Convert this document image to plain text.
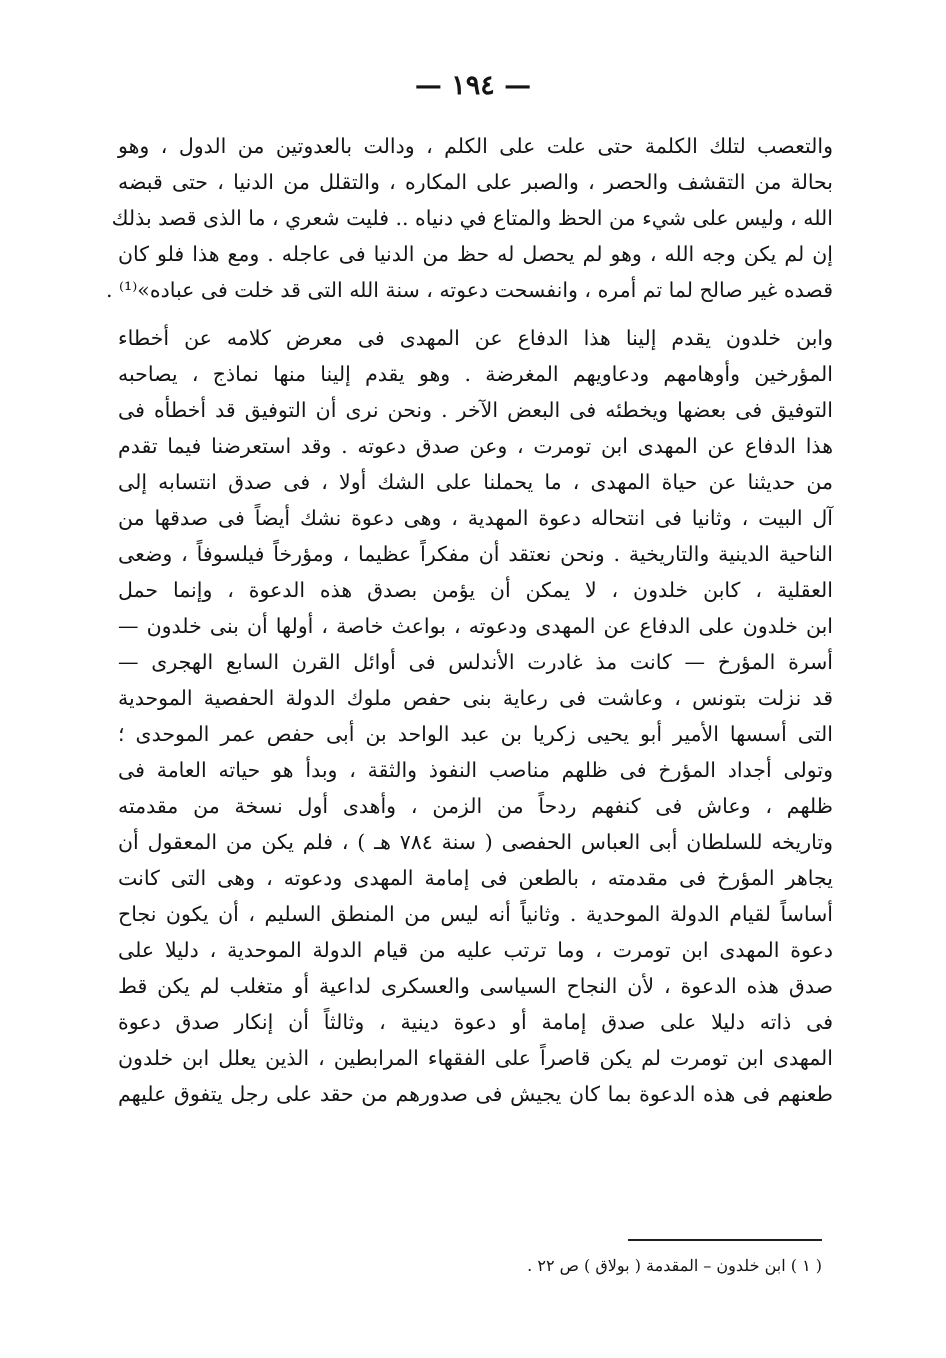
— ١٩٤ —
والتعصب لتلك الكلمة حتى علت على الكلم ، ودالت بالعدوتين من الدول ، وهو
بحالة من التقشف والحصر ، والصبر على المكاره ، والتقلل من الدنيا ، حتى قبضه
الله ، وليس على شيء من الحظ والمتاع في دنياه .. فليت شعري ، ما الذى قصد بذلك
إن لم يكن وجه الله ، وهو لم يحصل له حظ من الدنيا فى عاجله . ومع هذا فلو كان
قصده غير صالح لما تم أمره ، وانفسحت دعوته ، سنة الله التى قد خلت فى عباده»⁽¹⁾ .
وابن خلدون يقدم إلينا هذا الدفاع عن المهدى فى معرض كلامه عن أخطاء
المؤرخين وأوهامهم ودعاويهم المغرضة . وهو يقدم إلينا منها نماذج ، يصاحبه
التوفيق فى بعضها ويخطئه فى البعض الآخر . ونحن نرى أن التوفيق قد أخطأه فى
هذا الدفاع عن المهدى ابن تومرت ، وعن صدق دعوته . وقد استعرضنا فيما تقدم
من حديثنا عن حياة المهدى ، ما يحملنا على الشك أولا ، فى صدق انتسابه إلى
آل البيت ، وثانيا فى انتحاله دعوة المهدية ، وهى دعوة نشك أيضاً فى صدقها من
الناحية الدينية والتاريخية . ونحن نعتقد أن مفكراً عظيما ، ومؤرخاً فيلسوفاً ، وضعى
العقلية ، كابن خلدون ، لا يمكن أن يؤمن بصدق هذه الدعوة ، وإنما حمل
ابن خلدون على الدفاع عن المهدى ودعوته ، بواعث خاصة ، أولها أن بنى خلدون —
أسرة المؤرخ — كانت مذ غادرت الأندلس فى أوائل القرن السابع الهجرى —
قد نزلت بتونس ، وعاشت فى رعاية بنى حفص ملوك الدولة الحفصية الموحدية
التى أسسها الأمير أبو يحيى زكريا بن عبد الواحد بن أبى حفص عمر الموحدى ؛
وتولى أجداد المؤرخ فى ظلهم مناصب النفوذ والثقة ، وبدأ هو حياته العامة فى
ظلهم ، وعاش فى كنفهم ردحاً من الزمن ، وأهدى أول نسخة من مقدمته
وتاريخه للسلطان أبى العباس الحفصى ( سنة ٧٨٤ هـ ) ، فلم يكن من المعقول أن
يجاهر المؤرخ فى مقدمته ، بالطعن فى إمامة المهدى ودعوته ، وهى التى كانت
أساساً لقيام الدولة الموحدية . وثانياً أنه ليس من المنطق السليم ، أن يكون نجاح
دعوة المهدى ابن تومرت ، وما ترتب عليه من قيام الدولة الموحدية ، دليلا على
صدق هذه الدعوة ، لأن النجاح السياسى والعسكرى لداعية أو متغلب لم يكن قط
فى ذاته دليلا على صدق إمامة أو دعوة دينية ، وثالثاً أن إنكار صدق دعوة
المهدى ابن تومرت لم يكن قاصراً على الفقهاء المرابطين ، الذين يعلل ابن خلدون
طعنهم فى هذه الدعوة بما كان يجيش فى صدورهم من حقد على رجل يتفوق عليهم
( ١ ) ابن خلدون – المقدمة ( بولاق ) ص ٢٢ .
